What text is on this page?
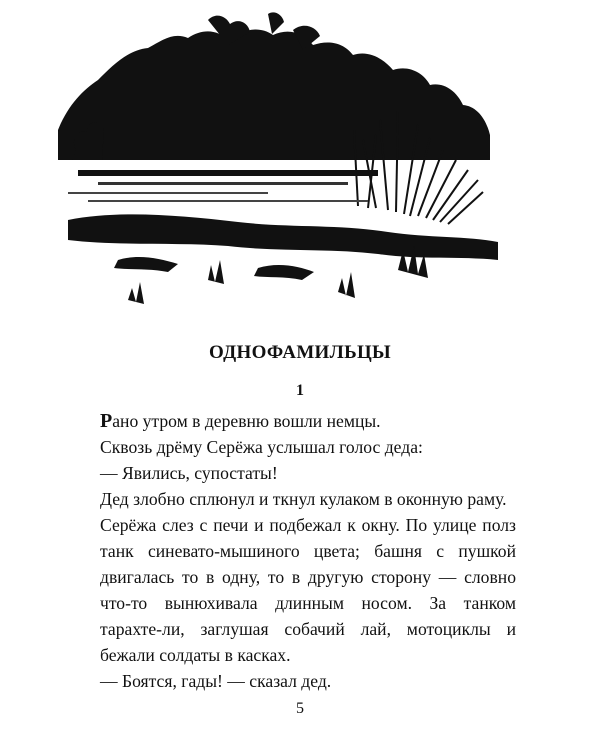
ОДНОФАМИЛЬЦЫ
1

Рано утром в деревню вошли немцы.

Сквозь дрёму Серёжа услышал голос деда:

— Явились, супостаты!

Дед злобно сплюнул и ткнул кулаком в оконную раму.

Серёжа слез с печи и подбежал к окну. По улице полз танк синевато-мышиного цвета; башня с пушкой двигалась то в одну, то в другую сторону — словно что-то вынюхивала длинным носом. За танком тарахте-ли, заглушая собачий лай, мотоциклы и бежали солдаты в касках.

— Боятся, гады! — сказал дед.

5
